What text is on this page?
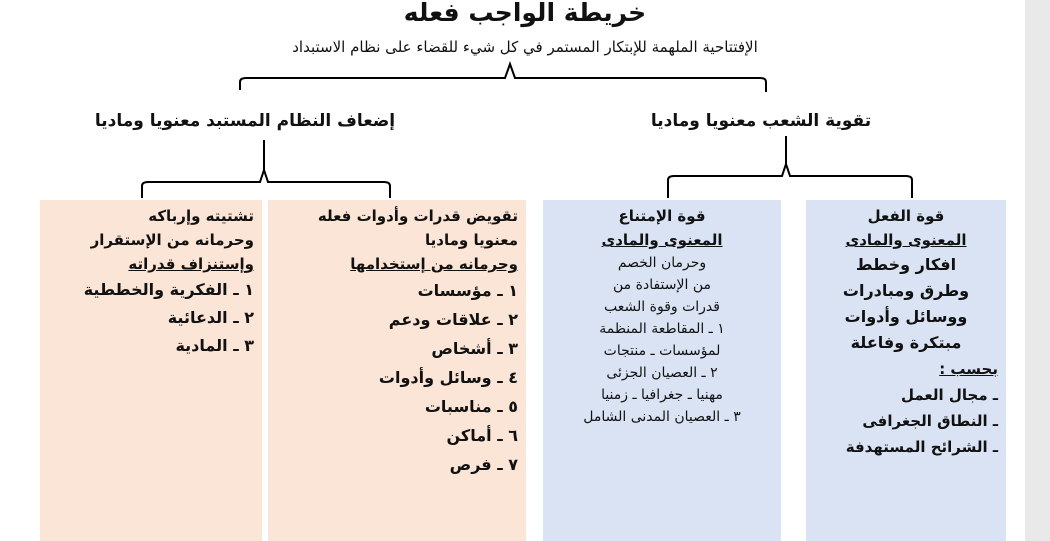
خريطة الواجب فعله
الإفتتاحية الملهمة للإبتكار المستمر في كل شيء للقضاء على نظام الاستبداد
إضعاف النظام المستبد معنويا وماديا	تقوية الشعب معنويا وماديا
تشتيته وإرباكه
وحرمانه من الإستقرار
وإستنزاف قدراته
١ ـ الفكرية والخططية
٢ ـ الدعائية
٣ ـ المادية
تقويض قدرات وأدوات فعله
معنويا وماديا
وحرمانه من إستخدامها
١ ـ مؤسسات
٢ ـ علاقات ودعم
٣ ـ أشخاص
٤ ـ وسائل وأدوات
٥ ـ مناسبات
٦ ـ أماكن
٧ ـ فرص
قوة الإمتناع
المعنوى والمادى
وحرمان الخصم
من الإستفادة من
قدرات وقوة الشعب
١ ـ المقاطعة المنظمة
لمؤسسات ـ منتجات
٢ ـ العصيان الجزئى
مهنيا ـ جغرافيا ـ زمنيا
٣ ـ العصيان المدنى الشامل
قوة الفعل
المعنوى والمادى
افكار وخطط
وطرق ومبادرات
ووسائل وأدوات
مبتكرة وفاعلة
بحسب :
ـ مجال العمل
ـ النطاق الجغرافى
ـ الشرائح المستهدفة
